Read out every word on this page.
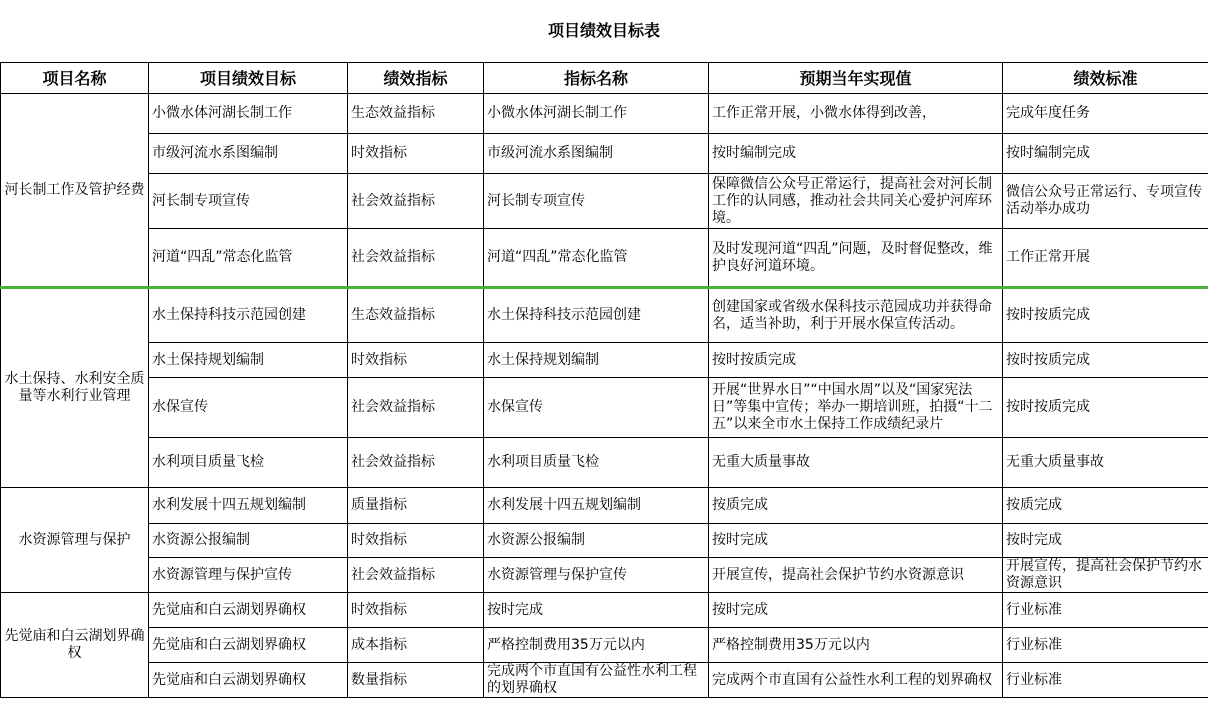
项目绩效目标表
项目名称	项目绩效目标	绩效指标	指标名称	预期当年实现值	绩效标准
河长制工作及管护经费	小微水体河湖长制工作	生态效益指标	小微水体河湖长制工作	工作正常开展，小微水体得到改善，	完成年度任务
	市级河流水系图编制	时效指标	市级河流水系图编制	按时编制完成	按时编制完成
	河长制专项宣传	社会效益指标	河长制专项宣传	保障微信公众号正常运行，提高社会对河长制工作的认同感，推动社会共同关心爱护河库环境。	微信公众号正常运行、专项宣传活动举办成功
	河道“四乱”常态化监管	社会效益指标	河道“四乱”常态化监管	及时发现河道“四乱”问题，及时督促整改，维护良好河道环境。	工作正常开展
水土保持、水利安全质量等水利行业管理	水土保持科技示范园创建	生态效益指标	水土保持科技示范园创建	创建国家或省级水保科技示范园成功并获得命名，适当补助，利于开展水保宣传活动。	按时按质完成
	水土保持规划编制	时效指标	水土保持规划编制	按时按质完成	按时按质完成
	水保宣传	社会效益指标	水保宣传	开展“世界水日”“中国水周”以及“国家宪法日”等集中宣传；举办一期培训班，拍摄“十二五”以来全市水土保持工作成绩纪录片	按时按质完成
	水利项目质量飞检	社会效益指标	水利项目质量飞检	无重大质量事故	无重大质量事故
水资源管理与保护	水利发展十四五规划编制	质量指标	水利发展十四五规划编制	按质完成	按质完成
	水资源公报编制	时效指标	水资源公报编制	按时完成	按时完成
	水资源管理与保护宣传	社会效益指标	水资源管理与保护宣传	开展宣传，提高社会保护节约水资源意识	开展宣传，提高社会保护节约水资源意识
先觉庙和白云湖划界确权	先觉庙和白云湖划界确权	时效指标	按时完成	按时完成	行业标准
	先觉庙和白云湖划界确权	成本指标	严格控制费用35万元以内	严格控制费用35万元以内	行业标准
	先觉庙和白云湖划界确权	数量指标	完成两个市直国有公益性水利工程的划界确权	完成两个市直国有公益性水利工程的划界确权	行业标准
